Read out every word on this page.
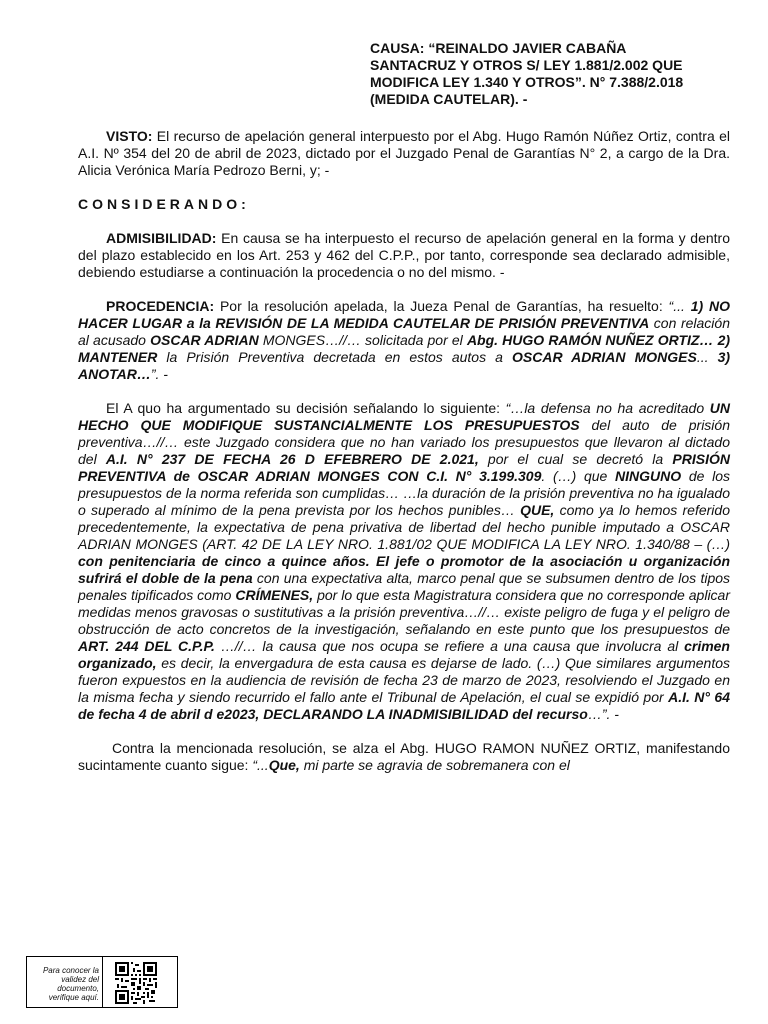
CAUSA: “REINALDO JAVIER CABAÑA
SANTACRUZ Y OTROS S/ LEY 1.881/2.002 QUE
MODIFICA LEY 1.340 Y OTROS”. N° 7.388/2.018
(MEDIDA CAUTELAR). -

VISTO: El recurso de apelación general interpuesto por el Abg. Hugo Ramón Núñez Ortiz, contra el A.I. Nº 354 del 20 de abril de 2023, dictado por el Juzgado Penal de Garantías N° 2, a cargo de la Dra. Alicia Verónica María Pedrozo Berni, y; -

CONSIDERANDO:

ADMISIBILIDAD: En causa se ha interpuesto el recurso de apelación general en la forma y dentro del plazo establecido en los Art. 253 y 462 del C.P.P., por tanto, corresponde sea declarado admisible, debiendo estudiarse a continuación la procedencia o no del mismo. -

PROCEDENCIA: Por la resolución apelada, la Jueza Penal de Garantías, ha resuelto: “... 1) NO HACER LUGAR a la REVISIÓN DE LA MEDIDA CAUTELAR DE PRISIÓN PREVENTIVA con relación al acusado OSCAR ADRIAN MONGES…//… solicitada por el Abg. HUGO RAMÓN NUÑEZ ORTIZ… 2) MANTENER la Prisión Preventiva decretada en estos autos a OSCAR ADRIAN MONGES... 3) ANOTAR…”. -

El A quo ha argumentado su decisión señalando lo siguiente: “…la defensa no ha acreditado UN HECHO QUE MODIFIQUE SUSTANCIALMENTE LOS PRESUPUESTOS del auto de prisión preventiva…//… este Juzgado considera que no han variado los presupuestos que llevaron al dictado del A.I. N° 237 DE FECHA 26 D EFEBRERO DE 2.021, por el cual se decretó la PRISIÓN PREVENTIVA de OSCAR ADRIAN MONGES CON C.I. N° 3.199.309. (…) que NINGUNO de los presupuestos de la norma referida son cumplidas… …la duración de la prisión preventiva no ha igualado o superado al mínimo de la pena prevista por los hechos punibles… QUE, como ya lo hemos referido precedentemente, la expectativa de pena privativa de libertad del hecho punible imputado a OSCAR ADRIAN MONGES (ART. 42 DE LA LEY NRO. 1.881/02 QUE MODIFICA LA LEY NRO. 1.340/88 – (…) con penitenciaria de cinco a quince años. El jefe o promotor de la asociación u organización sufrirá el doble de la pena con una expectativa alta, marco penal que se subsumen dentro de los tipos penales tipificados como CRÍMENES, por lo que esta Magistratura considera que no corresponde aplicar medidas menos gravosas o sustitutivas a la prisión preventiva…//… existe peligro de fuga y el peligro de obstrucción de acto concretos de la investigación, señalando en este punto que los presupuestos de ART. 244 DEL C.P.P. …//… la causa que nos ocupa se refiere a una causa que involucra al crimen organizado, es decir, la envergadura de esta causa es dejarse de lado. (…) Que similares argumentos fueron expuestos en la audiencia de revisión de fecha 23 de marzo de 2023, resolviendo el Juzgado en la misma fecha y siendo recurrido el fallo ante el Tribunal de Apelación, el cual se expidió por A.I. N° 64 de fecha 4 de abril d e2023, DECLARANDO LA INADMISIBILIDAD del recurso…”. -

Contra la mencionada resolución, se alza el Abg. HUGO RAMON NUÑEZ ORTIZ, manifestando sucintamente cuanto sigue: “...Que, mi parte se agravia de sobremanera con el

Para conocer la validez del documento, verifique aquí.
